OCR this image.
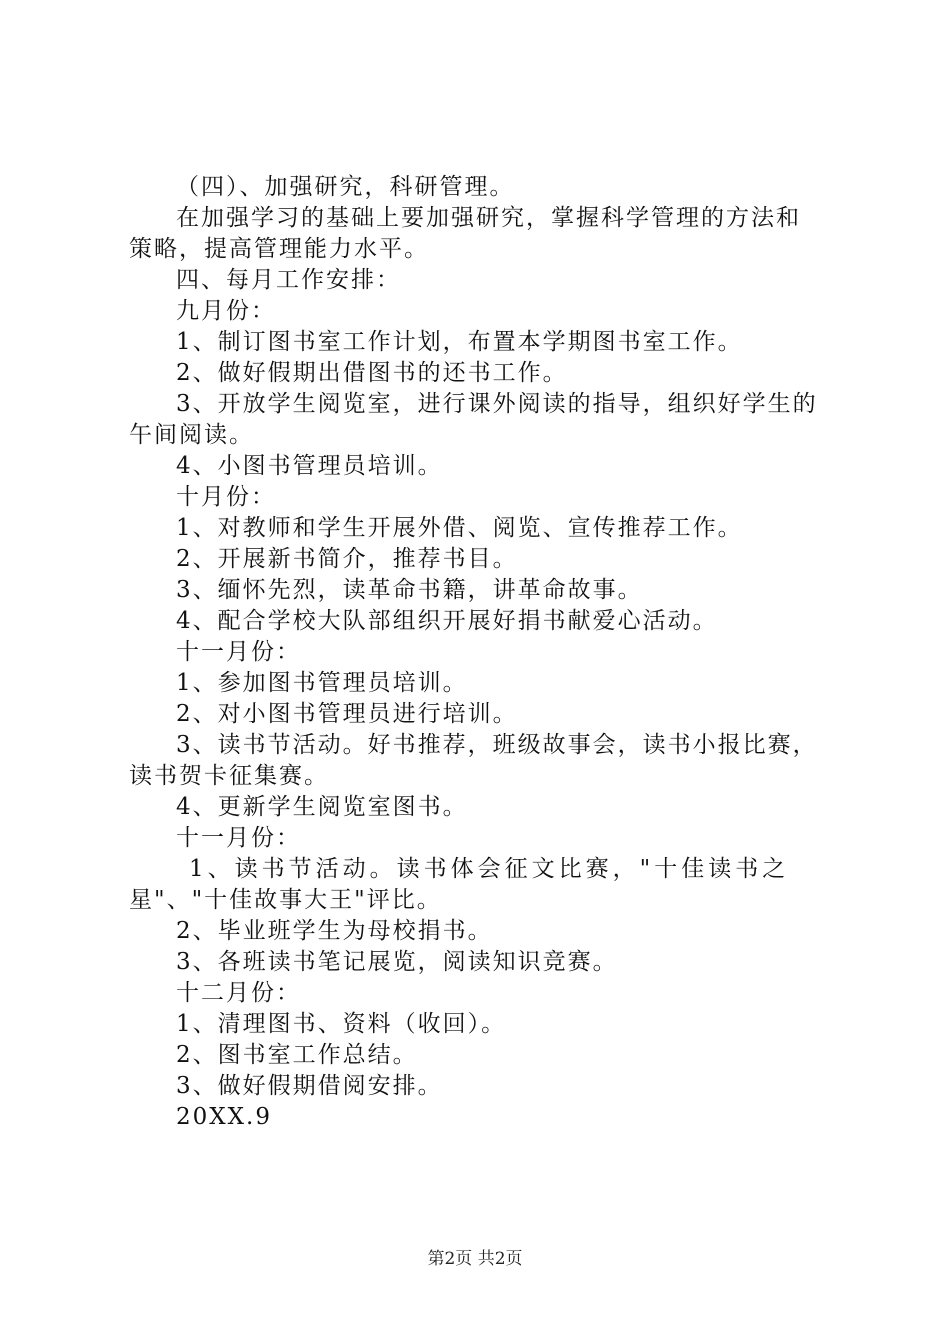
（四）、加强研究，科研管理。
在加强学习的基础上要加强研究，掌握科学管理的方法和
策略，提高管理能力水平。
四、每月工作安排：
九月份：
1、制订图书室工作计划，布置本学期图书室工作。
2、做好假期出借图书的还书工作。
3、开放学生阅览室，进行课外阅读的指导，组织好学生的
午间阅读。
4、小图书管理员培训。
十月份：
1、对教师和学生开展外借、阅览、宣传推荐工作。
2、开展新书简介，推荐书目。
3、缅怀先烈，读革命书籍，讲革命故事。
4、配合学校大队部组织开展好捐书献爱心活动。
十一月份：
1、参加图书管理员培训。
2、对小图书管理员进行培训。
3、读书节活动。好书推荐，班级故事会，读书小报比赛，
读书贺卡征集赛。
4、更新学生阅览室图书。
十一月份：
1、读书节活动。读书体会征文比赛，"十佳读书之
星"、"十佳故事大王"评比。
2、毕业班学生为母校捐书。
3、各班读书笔记展览，阅读知识竞赛。
十二月份：
1、清理图书、资料（收回）。
2、图书室工作总结。
3、做好假期借阅安排。
20XX.9
第2页 共2页
